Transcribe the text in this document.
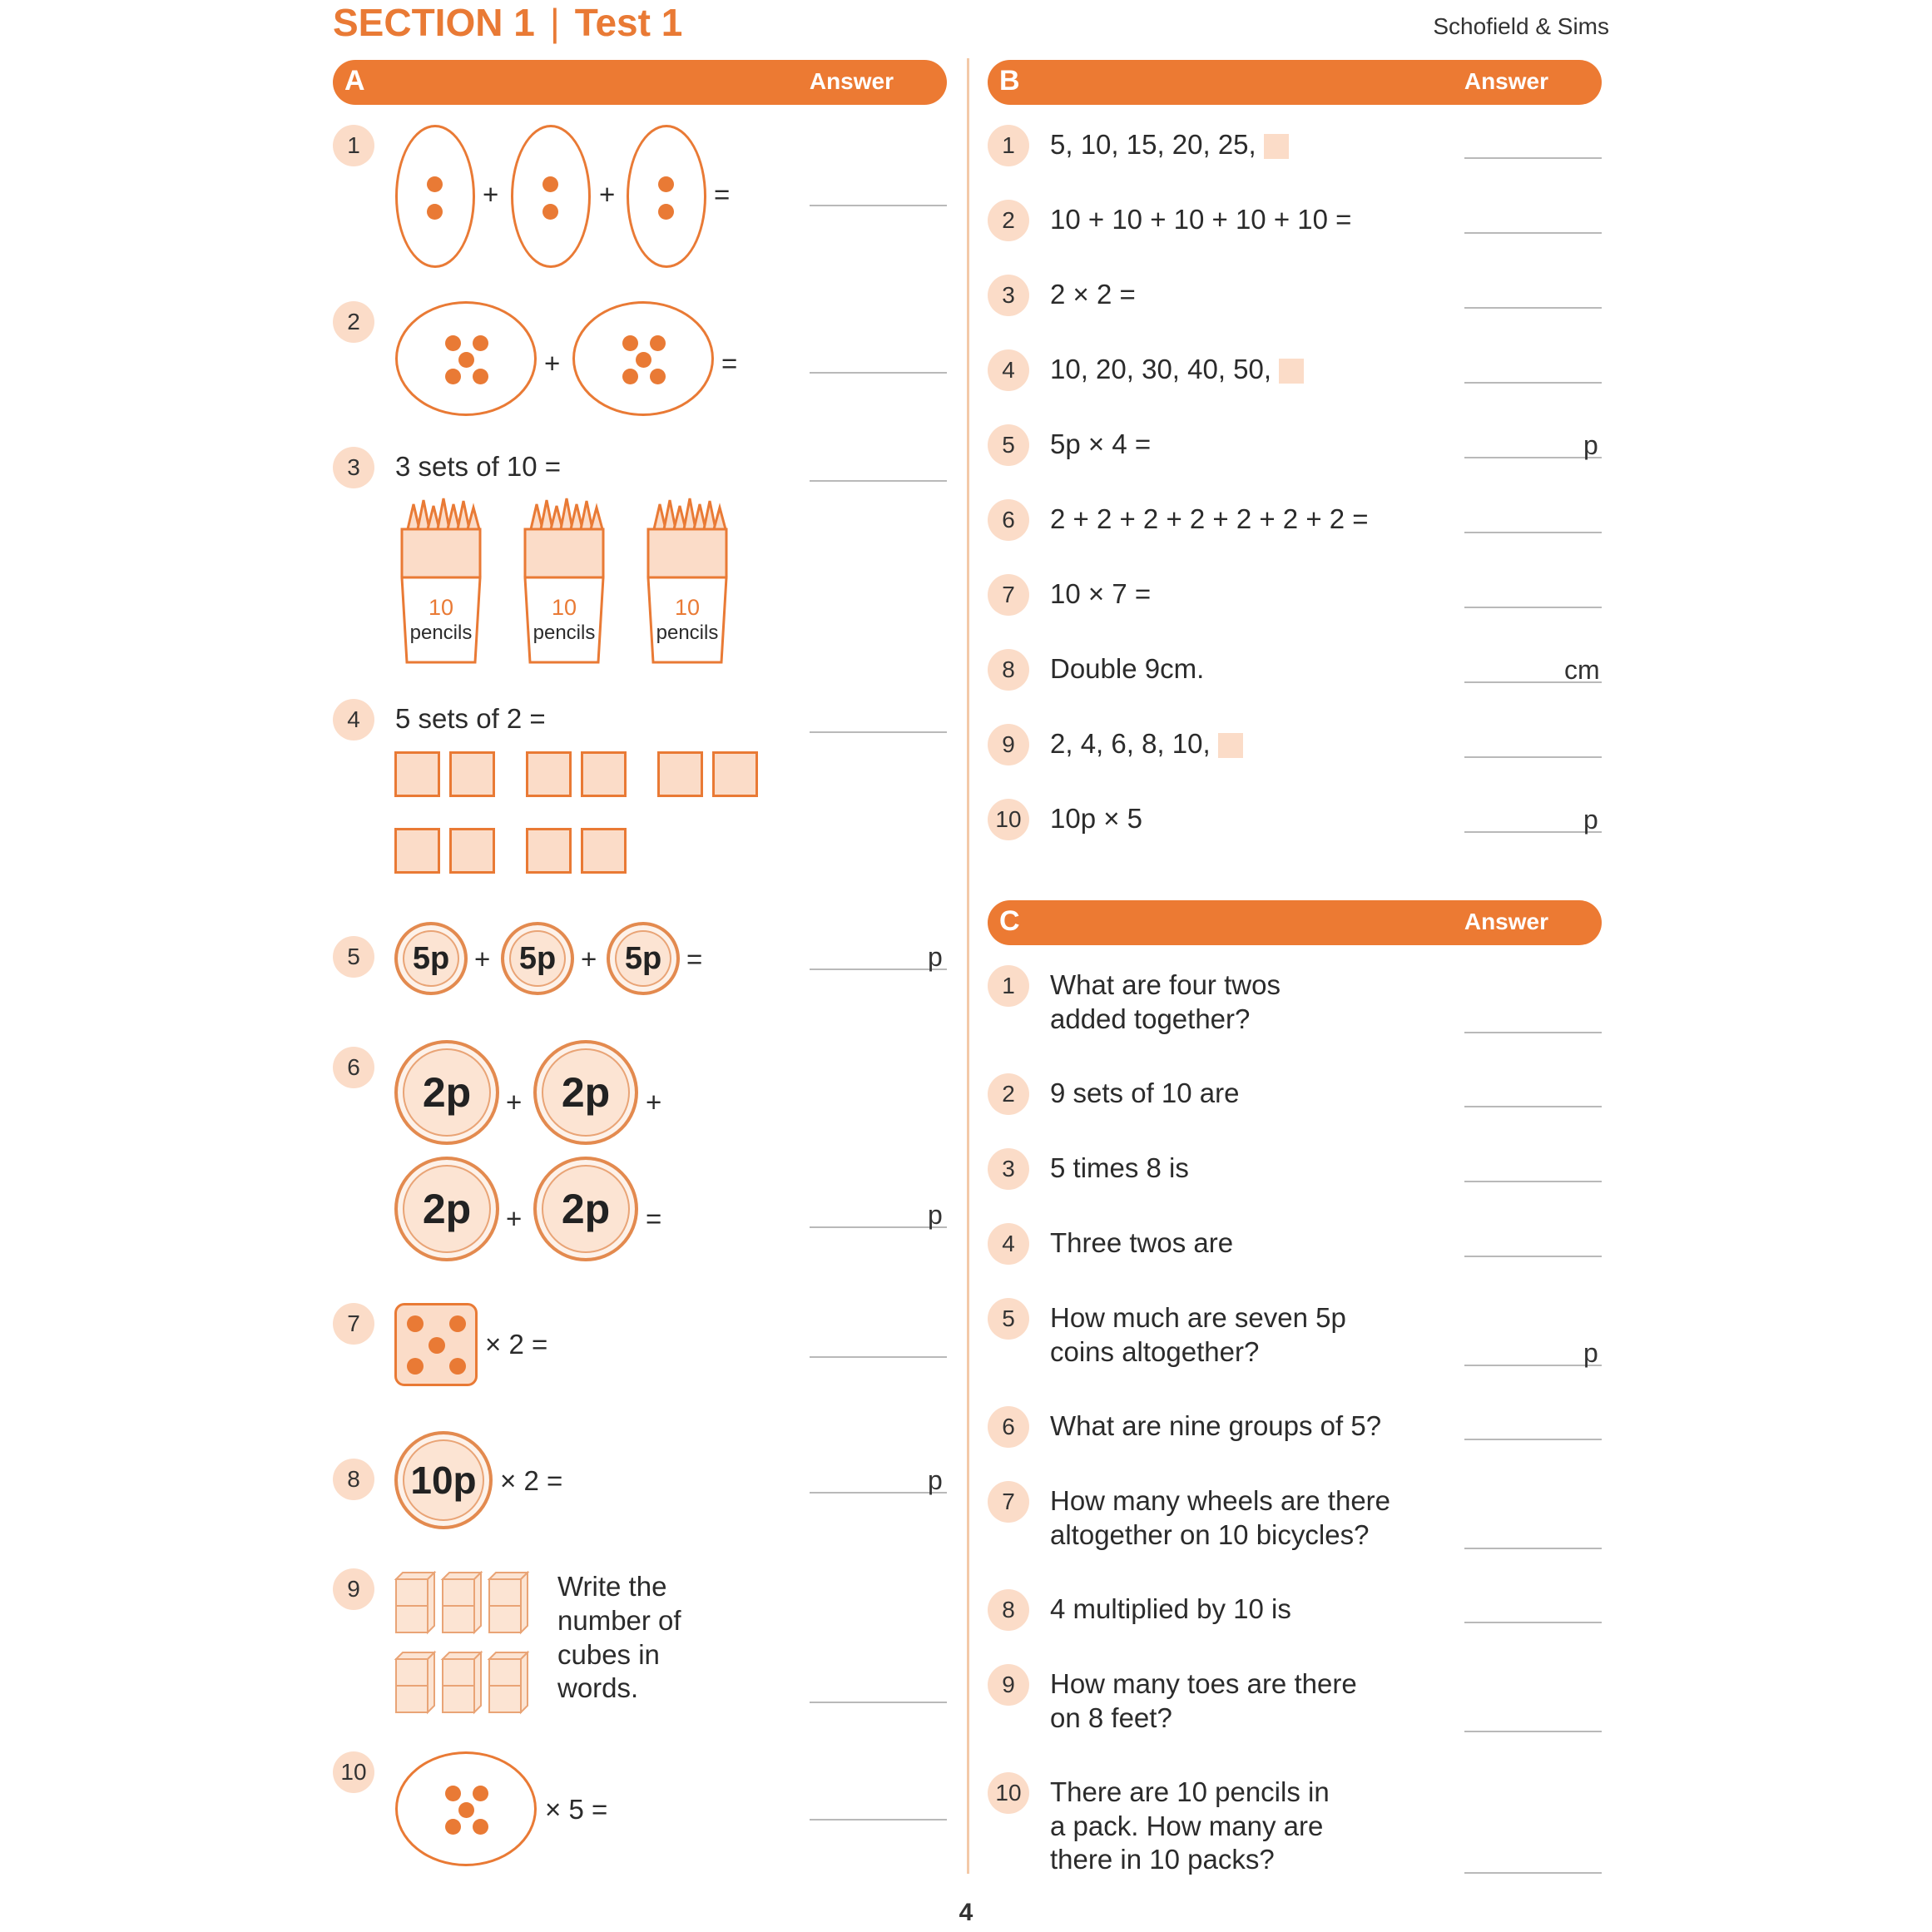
SECTION 1 | Test 1	Schofield & Sims
4
A	Answer
1
+	+	=
2
+	=
3	3 sets of 10 =
10
pencils
10
pencils
10
pencils
4	5 sets of 2 =
5	5p + 5p + 5p =	p
6
2p	+ 2p	+
2p	+ 2p	=	p
7
× 2 =
8	10p × 2 =	p
9	Write the
number of
cubes in
words.
10
× 5 =
B	Answer
1	5, 10, 15, 20, 25,
2	10 + 10 + 10 + 10 + 10 =
3	2 × 2 =
4	10, 20, 30, 40, 50,
5	5p × 4 =	p
6	2 + 2 + 2 + 2 + 2 + 2 + 2 =
7	10 × 7 =
8	Double 9cm.	cm
9	2, 4, 6, 8, 10,
10 10p × 5	p
C	Answer
1	What are four twos
added together?
2	9 sets of 10 are
3	5 times 8 is
4	Three twos are
5	How much are seven 5p
coins altogether?	p
6	What are nine groups of 5?
7	How many wheels are there
altogether on 10 bicycles?
8	4 multiplied by 10 is
9	How many toes are there
on 8 feet?
10 There are 10 pencils in
a pack. How many are
there in 10 packs?
